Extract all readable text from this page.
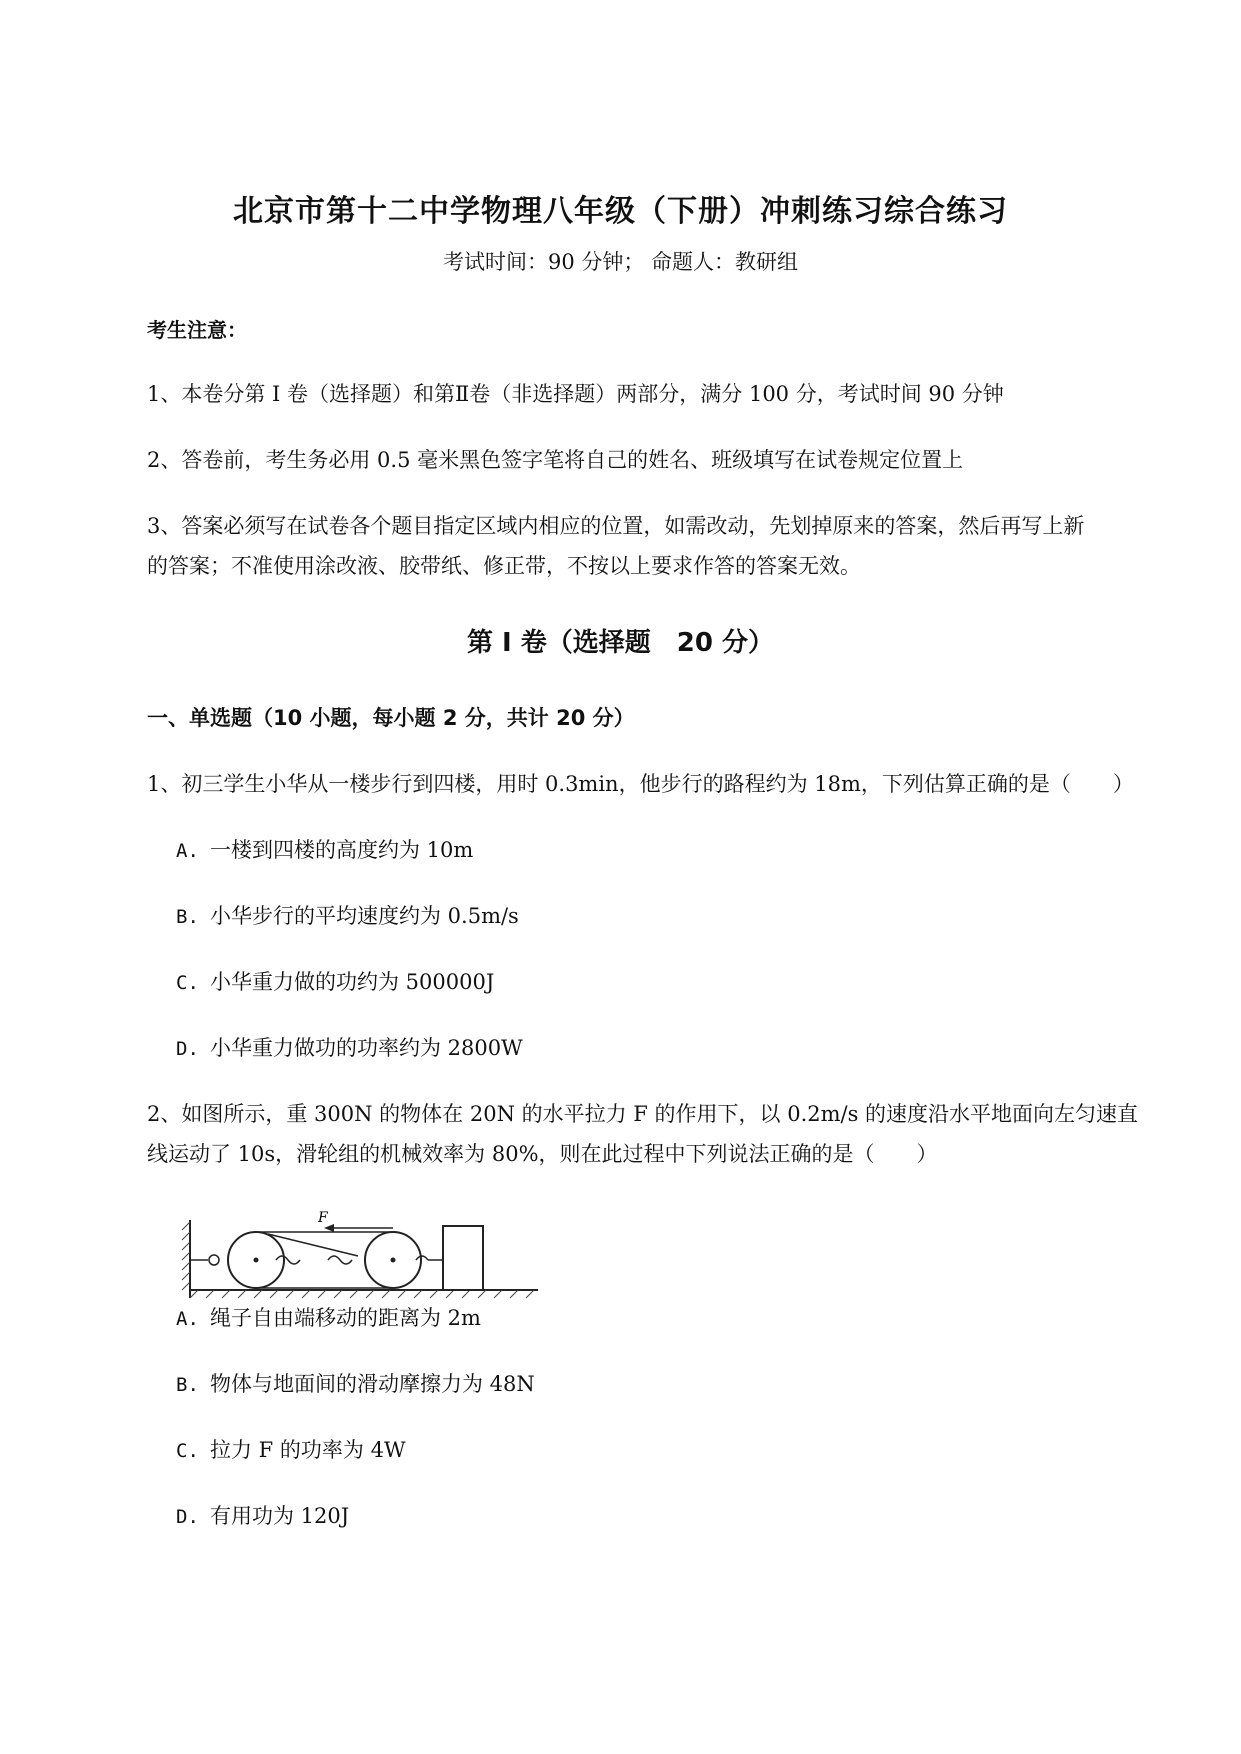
北京市第十二中学物理八年级（下册）冲刺练习综合练习
考试时间：90 分钟； 命题人：教研组
考生注意：
1、本卷分第 I 卷（选择题）和第Ⅱ卷（非选择题）两部分，满分 100 分，考试时间 90 分钟
2、答卷前，考生务必用 0.5 毫米黑色签字笔将自己的姓名、班级填写在试卷规定位置上
3、答案必须写在试卷各个题目指定区域内相应的位置，如需改动，先划掉原来的答案，然后再写上新
的答案；不准使用涂改液、胶带纸、修正带，不按以上要求作答的答案无效。
第 I 卷（选择题　20 分）
一、单选题（10 小题，每小题 2 分，共计 20 分）
1、初三学生小华从一楼步行到四楼，用时 0.3min，他步行的路程约为 18m，下列估算正确的是（　　）
A. 一楼到四楼的高度约为 10m
B. 小华步行的平均速度约为 0.5m/s
C. 小华重力做的功约为 500000J
D. 小华重力做功的功率约为 2800W
2、如图所示，重 300N 的物体在 20N 的水平拉力 F 的作用下，以 0.2m/s 的速度沿水平地面向左匀速直
线运动了 10s，滑轮组的机械效率为 80%，则在此过程中下列说法正确的是（　　）
F
A. 绳子自由端移动的距离为 2m
B. 物体与地面间的滑动摩擦力为 48N
C. 拉力 F 的功率为 4W
D. 有用功为 120J
